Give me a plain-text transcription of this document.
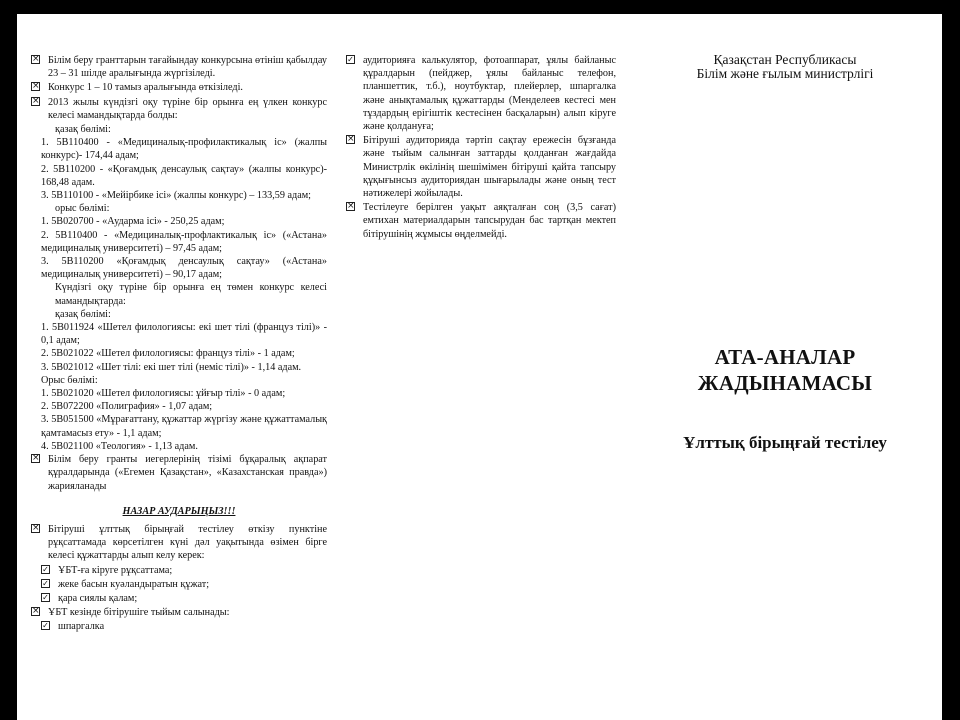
×
Білім беру гранттарын тағайындау конкурсына өтініш қабылдау 23 – 31 шілде аралығында жүргізіледі.
×
Конкурс 1 – 10 тамыз аралығында өткізіледі.
×
2013 жылы күндізгі оқу түріне бір орынға ең үлкен конкурс келесі мамандықтарда болды:
қазақ бөлімі:
1. 5В110400 - «Медициналық-профилактикалық іс» (жалпы конкурс)- 174,44 адам;
2. 5В110200 - «Қоғамдық денсаулық сақтау» (жалпы конкурс)- 168,48 адам.
3. 5В110100 - «Мейірбике ісі» (жалпы конкурс) – 133,59 адам;
орыс бөлімі:
1. 5В020700 - «Аударма ісі» - 250,25 адам;
2. 5В110400 - «Медициналық-профлактикалық іс» («Астана» медициналық университеті) – 97,45 адам;
3. 5В110200 «Қоғамдық денсаулық сақтау» («Астана» медициналық университеті) – 90,17 адам;
Күндізгі оқу түріне бір орынға ең төмен конкурс келесі мамандықтарда:
қазақ бөлімі:
1. 5В011924 «Шетел филологиясы: екі шет тілі (француз тілі)» - 0,1 адам;
2. 5В021022 «Шетел филологиясы: француз тілі» - 1 адам;
3. 5В021012 «Шет тілі: екі шет тілі (неміс тілі)» - 1,14 адам.
Орыс бөлімі:
1. 5В021020 «Шетел филологиясы: ұйғыр тілі» - 0 адам;
2. 5В072200 «Полиграфия» - 1,07 адам;
3. 5В051500 «Мұрағаттану, құжаттар жүргізу және құжаттамалық қамтамасыз ету» - 1,1 адам;
4. 5В021100 «Теология» - 1,13 адам.
×
Білім беру гранты иегерлерінің тізімі бұқаралық ақпарат құралдарында («Егемен Қазақстан», «Казахстанская правда») жарияланады
НАЗАР АУДАРЫҢЫЗ!!!
×
Бітіруші ұлттық бірыңғай тестілеу өткізу пунктіне рұқсаттамада көрсетілген күні дәл уақытында өзімен бірге келесі құжаттарды алып келу керек:
✓
ҰБТ-ға кіруге рұқсаттама;
✓
жеке басын куәландыратын құжат;
✓
қара сиялы қалам;
×
ҰБТ кезінде бітірушіге тыйым салынады:
✓
шпаргалка
✓
аудиторияға калькулятор, фотоаппарат, ұялы байланыс құралдарын (пейджер, ұялы байланыс телефон, планшеттик, т.б.), ноутбуктар, плейерлер, шпаргалка және анықтамалық құжаттарды (Менделеев кестесі мен тұздардың ерігіштік кестесінен басқаларын) алып кіруге және қолдануға;
×
Бітіруші аудиторияда тәртіп сақтау ережесін бұзғанда және тыйым салынған заттарды қолданған жағдайда Министрлік өкілінің шешімімен бітіруші қайта тапсыру құқығынсыз аудиториядан шығарылады және оның тест нәтижелері жойылады.
×
Тестілеуге берілген уақыт аяқталған соң (3,5 сағат) емтихан материалдарын тапсырудан бас тартқан мектеп бітірушінің жұмысы өңделмейді.
Қазақстан Республикасы
Білім және ғылым министрлігі
АТА-АНАЛАР
ЖАДЫНАМАСЫ
Ұлттық бірыңғай тестілеу
